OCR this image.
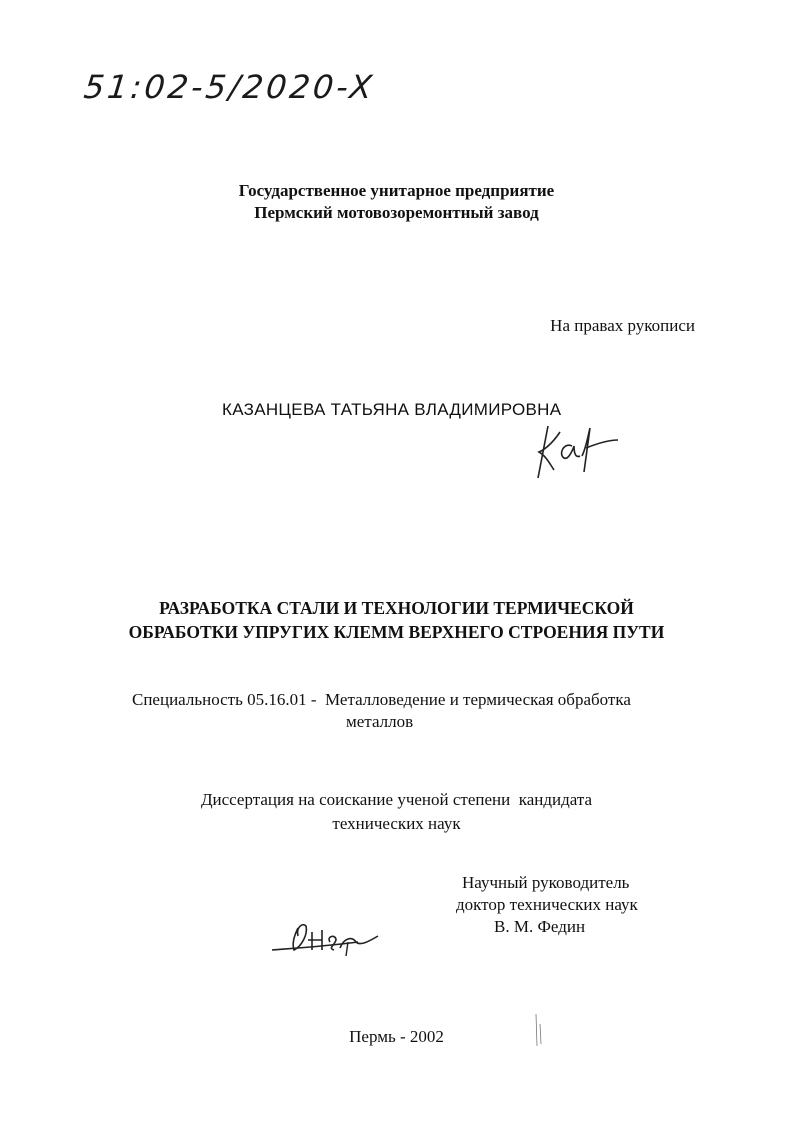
51:02-5/2020-X
Государственное унитарное предприятие
Пермский мотовозоремонтный завод
На правах рукописи
КАЗАНЦЕВА ТАТЬЯНА ВЛАДИМИРОВНА
РАЗРАБОТКА СТАЛИ И ТЕХНОЛОГИИ ТЕРМИЧЕСКОЙ
ОБРАБОТКИ УПРУГИХ КЛЕММ ВЕРХНЕГО СТРОЕНИЯ ПУТИ
Специальность 05.16.01 - Металловедение и термическая обработка
металлов
Диссертация на соискание ученой степени  кандидата
технических наук
Научный руководитель
доктор технических наук
В. М. Федин
Пермь - 2002
